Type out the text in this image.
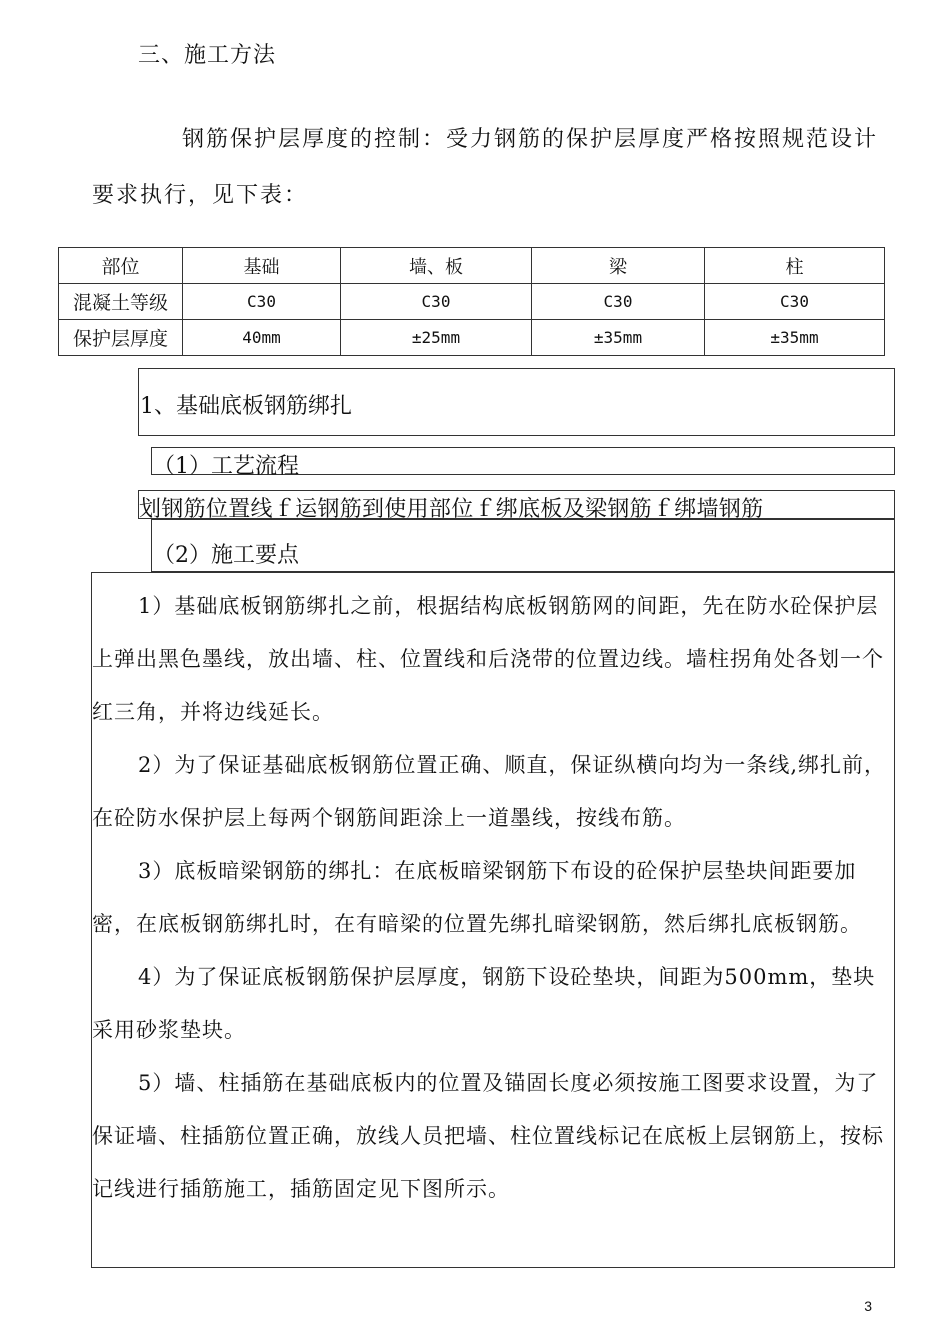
三、施工方法
钢筋保护层厚度的控制：受力钢筋的保护层厚度严格按照规范设计要求执行，见下表：
部位	基础	墙、板	梁	柱
混凝土等级	C30	C30	C30	C30
保护层厚度	40mm	±25mm	±35mm	±35mm
1、基础底板钢筋绑扎
（1）工艺流程
划钢筋位置线ｆ运钢筋到使用部位ｆ绑底板及梁钢筋ｆ绑墙钢筋
（2）施工要点
1）基础底板钢筋绑扎之前，根据结构底板钢筋网的间距，先在防水砼保护层上弹出黑色墨线，放出墙、柱、位置线和后浇带的位置边线。墙柱拐角处各划一个红三角，并将边线延长。
2）为了保证基础底板钢筋位置正确、顺直，保证纵横向均为一条线,绑扎前，在砼防水保护层上每两个钢筋间距涂上一道墨线，按线布筋。
3）底板暗梁钢筋的绑扎：在底板暗梁钢筋下布设的砼保护层垫块间距要加密，在底板钢筋绑扎时，在有暗梁的位置先绑扎暗梁钢筋，然后绑扎底板钢筋。
4）为了保证底板钢筋保护层厚度，钢筋下设砼垫块，间距为500mm，垫块采用砂浆垫块。
5）墙、柱插筋在基础底板内的位置及锚固长度必须按施工图要求设置，为了保证墙、柱插筋位置正确，放线人员把墙、柱位置线标记在底板上层钢筋上，按标记线进行插筋施工，插筋固定见下图所示。
3
